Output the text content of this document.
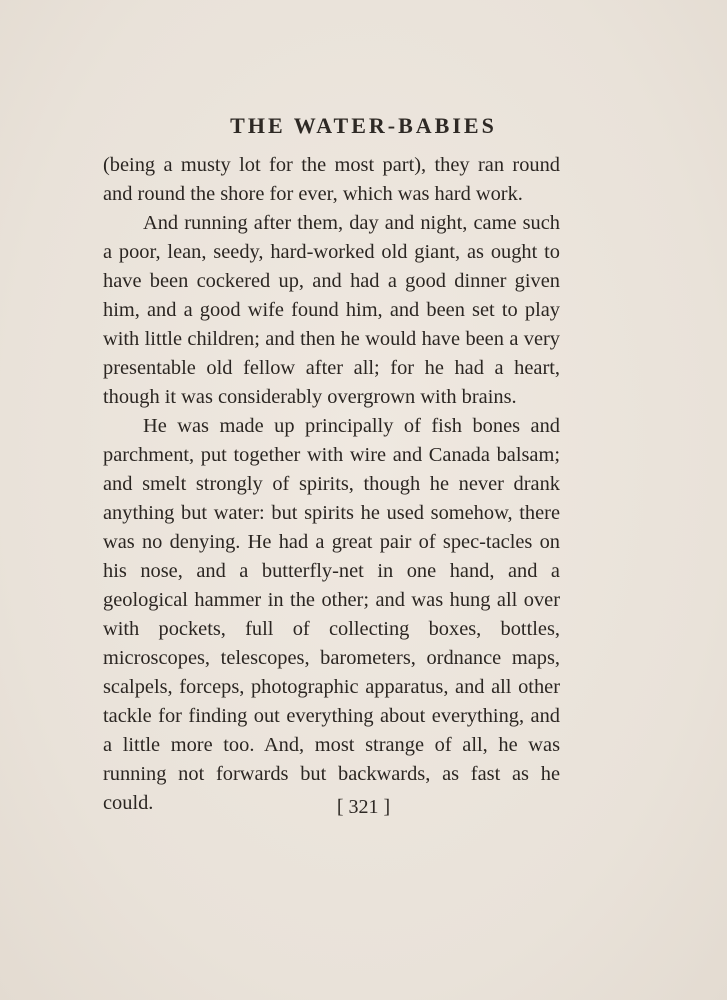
THE WATER-BABIES

(being a musty lot for the most part), they ran round and round the shore for ever, which was hard work.

And running after them, day and night, came such a poor, lean, seedy, hard-worked old giant, as ought to have been cockered up, and had a good dinner given him, and a good wife found him, and been set to play with little children; and then he would have been a very presentable old fellow after all; for he had a heart, though it was considerably overgrown with brains.

He was made up principally of fish bones and parchment, put together with wire and Canada balsam; and smelt strongly of spirits, though he never drank anything but water: but spirits he used somehow, there was no denying. He had a great pair of spec-tacles on his nose, and a butterfly-net in one hand, and a geological hammer in the other; and was hung all over with pockets, full of collecting boxes, bottles, microscopes, telescopes, barometers, ordnance maps, scalpels, forceps, photographic apparatus, and all other tackle for finding out everything about everything, and a little more too. And, most strange of all, he was running not forwards but backwards, as fast as he could.	[ 321 ]
